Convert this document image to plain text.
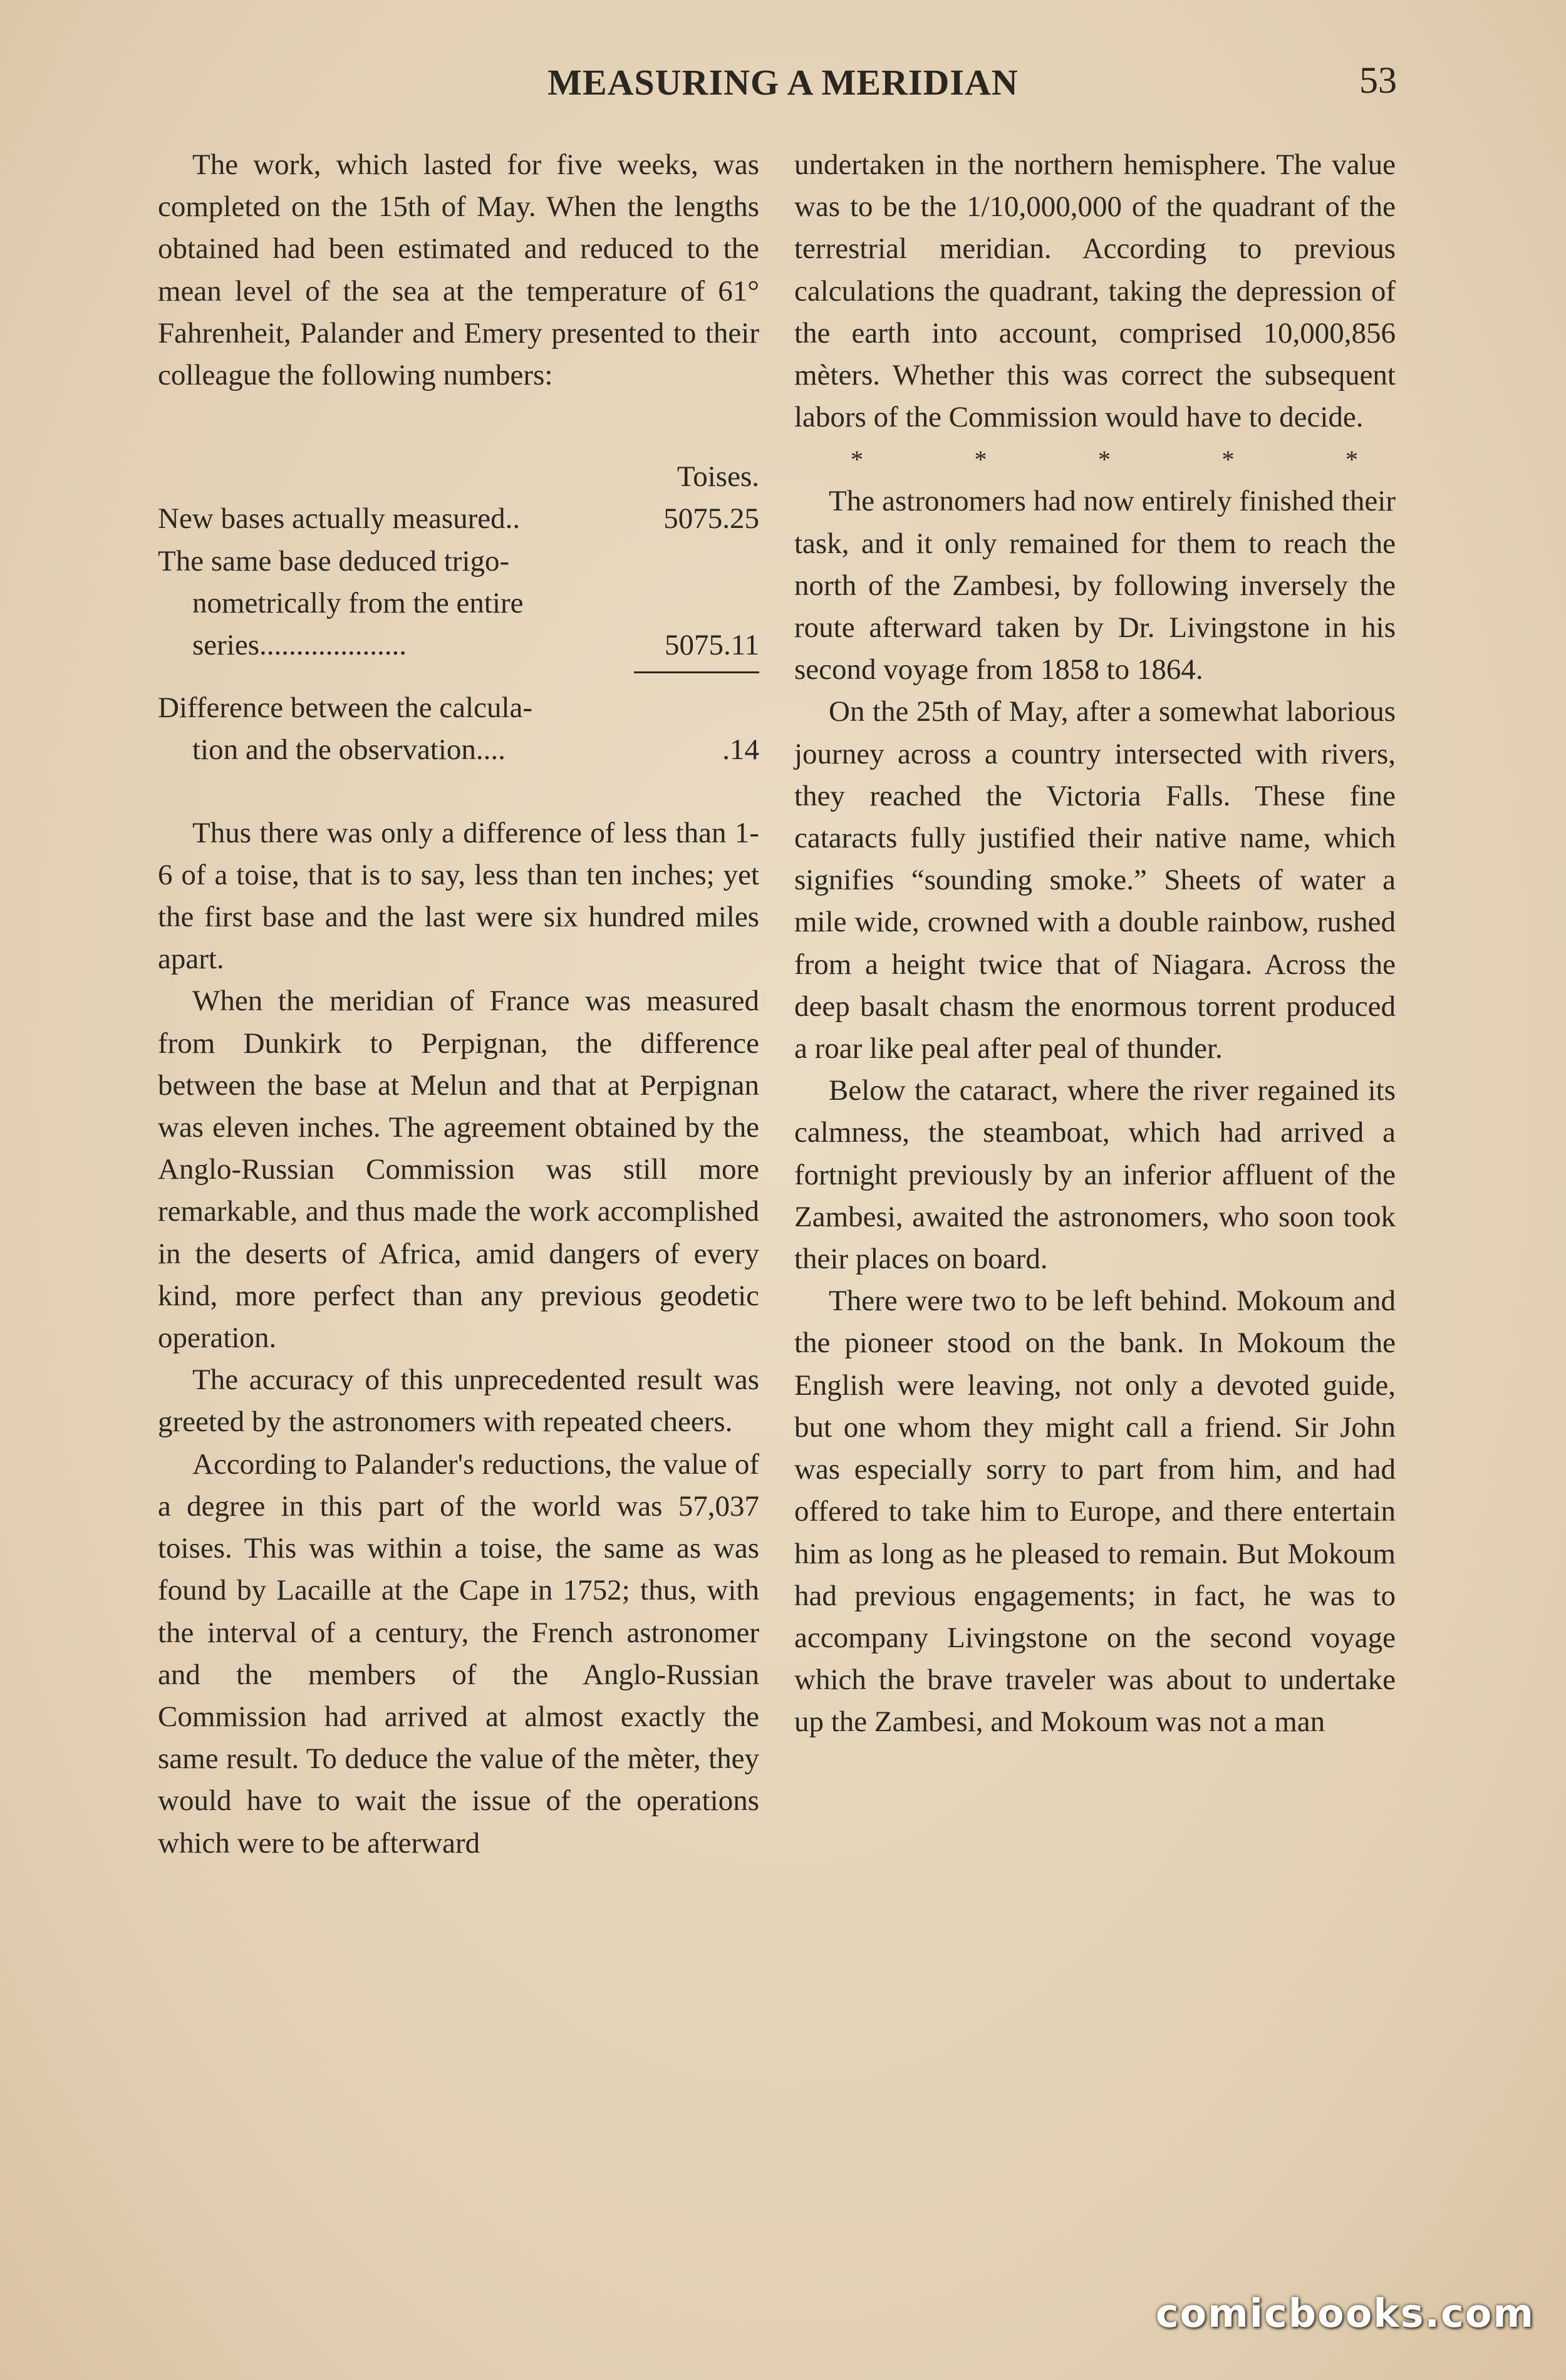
MEASURING A MERIDIAN	53

The work, which lasted for five weeks, was completed on the 15th of May. When the lengths obtained had been estimated and reduced to the mean level of the sea at the temperature of 61° Fahrenheit, Palander and Emery presented to their colleague the following numbers:

Toises.
New bases actually measured..	5075.25
The same base deduced trigo-
nometrically from the entire
series....................	5075.11
Difference between the calcula-
tion and the observation....	.14

Thus there was only a difference of less than 1-6 of a toise, that is to say, less than ten inches; yet the first base and the last were six hundred miles apart.

When the meridian of France was measured from Dunkirk to Perpignan, the difference between the base at Melun and that at Perpignan was eleven inches. The agreement obtained by the Anglo-Russian Commission was still more remarkable, and thus made the work accomplished in the deserts of Africa, amid dangers of every kind, more perfect than any previous geodetic operation.

The accuracy of this unprecedented result was greeted by the astronomers with repeated cheers.

According to Palander's reductions, the value of a degree in this part of the world was 57,037 toises. This was within a toise, the same as was found by Lacaille at the Cape in 1752; thus, with the interval of a century, the French astronomer and the members of the Anglo-Russian Commission had arrived at almost exactly the same result. To deduce the value of the mèter, they would have to wait the issue of the operations which were to be afterward

undertaken in the northern hemisphere. The value was to be the 1/10,000,000 of the quadrant of the terrestrial meridian. According to previous calculations the quadrant, taking the depression of the earth into account, comprised 10,000,856 mèters. Whether this was correct the subsequent labors of the Commission would have to decide.

*	*	*	*	*

The astronomers had now entirely finished their task, and it only remained for them to reach the north of the Zambesi, by following inversely the route afterward taken by Dr. Livingstone in his second voyage from 1858 to 1864.

On the 25th of May, after a somewhat laborious journey across a country intersected with rivers, they reached the Victoria Falls. These fine cataracts fully justified their native name, which signifies “sounding smoke.” Sheets of water a mile wide, crowned with a double rainbow, rushed from a height twice that of Niagara. Across the deep basalt chasm the enormous torrent produced a roar like peal after peal of thunder.

Below the cataract, where the river regained its calmness, the steamboat, which had arrived a fortnight previously by an inferior affluent of the Zambesi, awaited the astronomers, who soon took their places on board.

There were two to be left behind. Mokoum and the pioneer stood on the bank. In Mokoum the English were leaving, not only a devoted guide, but one whom they might call a friend. Sir John was especially sorry to part from him, and had offered to take him to Europe, and there entertain him as long as he pleased to remain. But Mokoum had previous engagements; in fact, he was to accompany Livingstone on the second voyage which the brave traveler was about to undertake up the Zambesi, and Mokoum was not a man

comicbooks.com
